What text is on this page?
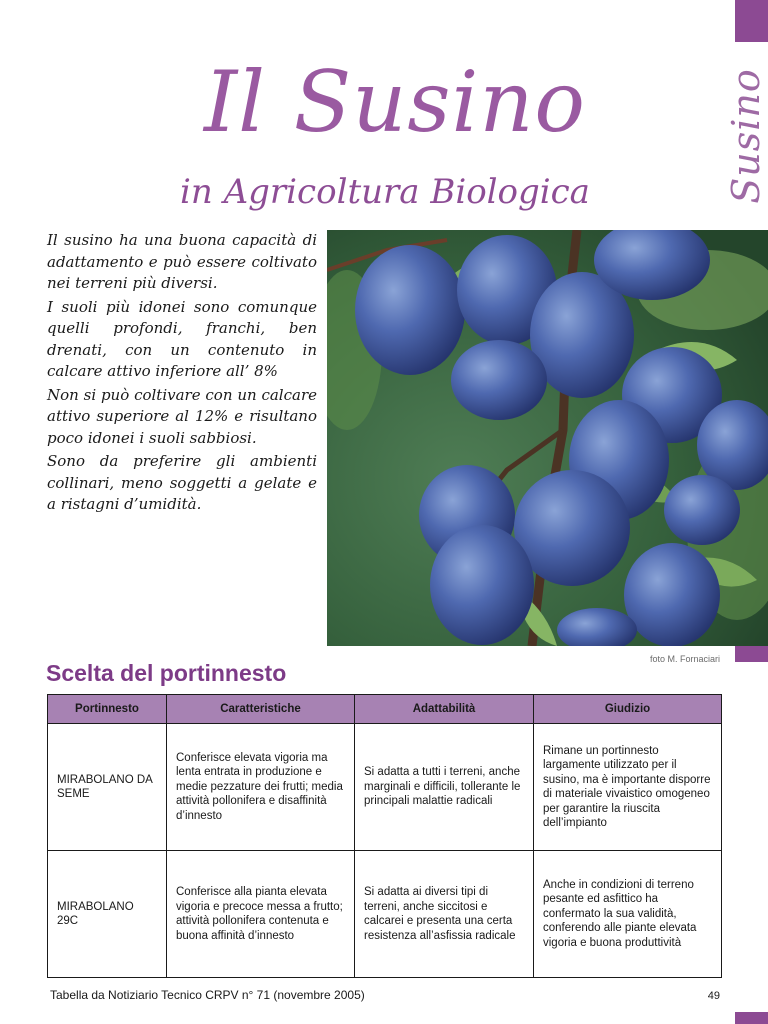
Susino
Il Susino
in Agricoltura Biologica

Il susino ha una buona capacità di adattamento e può essere coltivato nei terreni più diversi.

I suoli più idonei sono comunque quelli profondi, franchi, ben drenati, con un contenuto in calcare attivo inferiore all’ 8%

Non si può coltivare con un calcare attivo superiore al 12% e risultano poco idonei i suoli sabbiosi.

Sono da preferire gli ambienti collinari, meno soggetti a gelate e a ristagni d’umidità.

foto M. Fornaciari
Scelta del portinnesto
Portinnesto	Caratteristiche	Adattabilità	Giudizio
MIRABOLANO DA SEME	Conferisce elevata vigoria ma lenta entrata in produzione e medie pezzature dei frutti; media attività pollonifera e disaffinità d’innesto	Si adatta a tutti i terreni, anche marginali e difficili, tollerante le principali malattie radicali	Rimane un portinnesto largamente utilizzato per il susino, ma è importante disporre di materiale vivaistico omogeneo per garantire la riuscita dell’impianto
MIRABOLANO 29C	Conferisce alla pianta elevata vigoria e precoce messa a frutto; attività pollonifera contenuta e buona affinità d’innesto	Si adatta ai diversi tipi di terreni, anche siccitosi e calcarei e presenta una certa resistenza all’asfissia radicale	Anche in condizioni di terreno pesante ed asfittico ha confermato la sua validità, conferendo alle piante elevata vigoria e buona produttività
Tabella da Notiziario Tecnico CRPV n° 71 (novembre 2005)	49
